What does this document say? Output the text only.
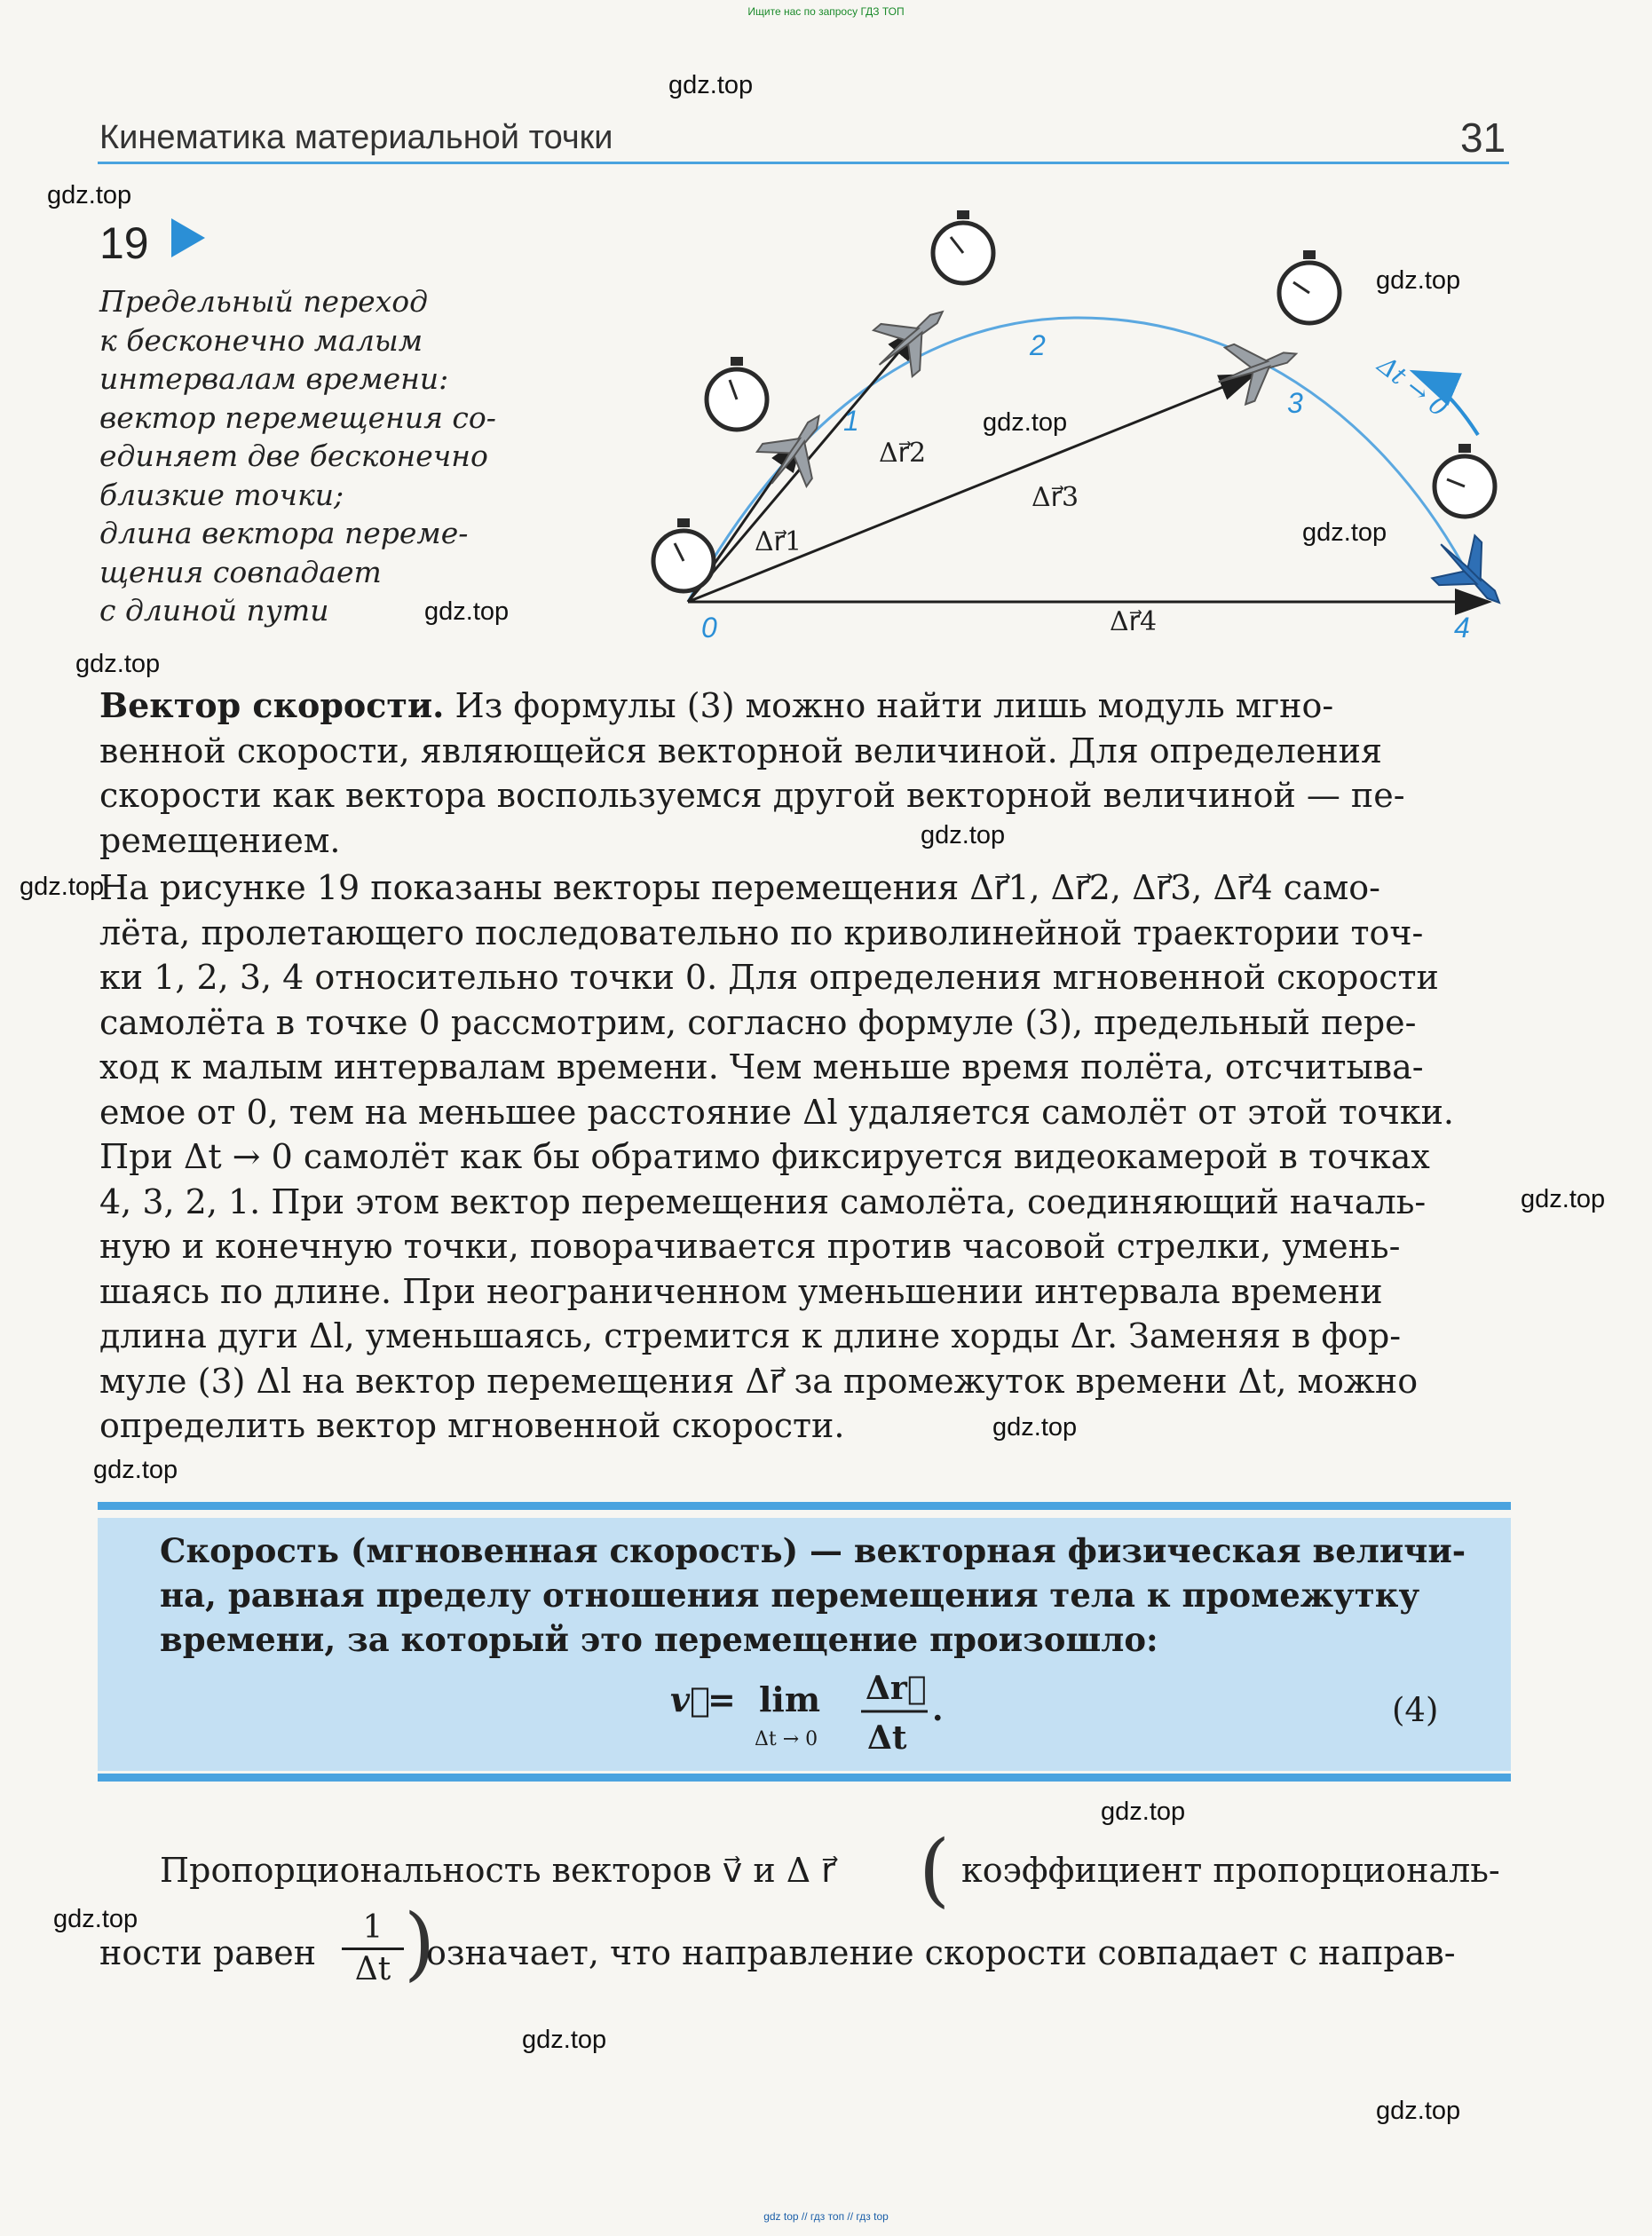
Ищите нас по запросу ГДЗ ТОП
gdz.top
gdz.top
gdz.top
gdz.top
gdz.top
gdz.top
gdz.top
gdz.top
gdz.top
gdz.top
gdz.top
gdz.top
gdz.top
gdz.top
gdz.top
gdz.top
Кинематика материальной точки	31
19
Предельный переход
к бесконечно малым
интервалам времени:
вектор перемещения со-
единяет две бесконечно
близкие точки;
длина вектора переме-
щения совпадает
с длиной пути	0
1
2
3
4
Δr⃗1
Δr⃗2
Δr⃗3
Δr⃗4
Δt → 0
Вектор скорости. Из формулы (3) можно найти лишь модуль мгно-
венной скорости, являющейся векторной величиной. Для определения
скорости как вектора воспользуемся другой векторной величиной — пе-
ремещением.
На рисунке 19 показаны векторы перемещения Δr⃗1, Δr⃗2, Δr⃗3, Δr⃗4 само-
лёта, пролетающего последовательно по криволинейной траектории точ-
ки 1, 2, 3, 4 относительно точки 0. Для определения мгновенной скорости
самолёта в точке 0 рассмотрим, согласно формуле (3), предельный пере-
ход к малым интервалам времени. Чем меньше время полёта, отсчитыва-
емое от 0, тем на меньшее расстояние Δl удаляется самолёт от этой точки.
При Δt → 0 самолёт как бы обратимо фиксируется видеокамерой в точках
4, 3, 2, 1. При этом вектор перемещения самолёта, соединяющий началь-
ную и конечную точки, поворачивается против часовой стрелки, умень-
шаясь по длине. При неограниченном уменьшении интервала времени
длина дуги Δl, уменьшаясь, стремится к длине хорды Δr. Заменяя в фор-
муле (3) Δl на вектор перемещения Δr⃗ за промежуток времени Δt, можно
определить вектор мгновенной скорости.
Скорость (мгновенная скорость) — векторная физическая величи-
на, равная пределу отношения перемещения тела к промежутку
времени, за который это перемещение произошло:
v⃗
= lim
Δt → 0
Δr⃗
Δt
.	(4)
Пропорциональность векторов v⃗ и Δ r⃗ ( коэффициент пропорциональ-
ности равен $\frac{1}{\Delta t}$ )
означает, что направление скорости совпадает с направ-
gdz top // гдз топ // гдз top
